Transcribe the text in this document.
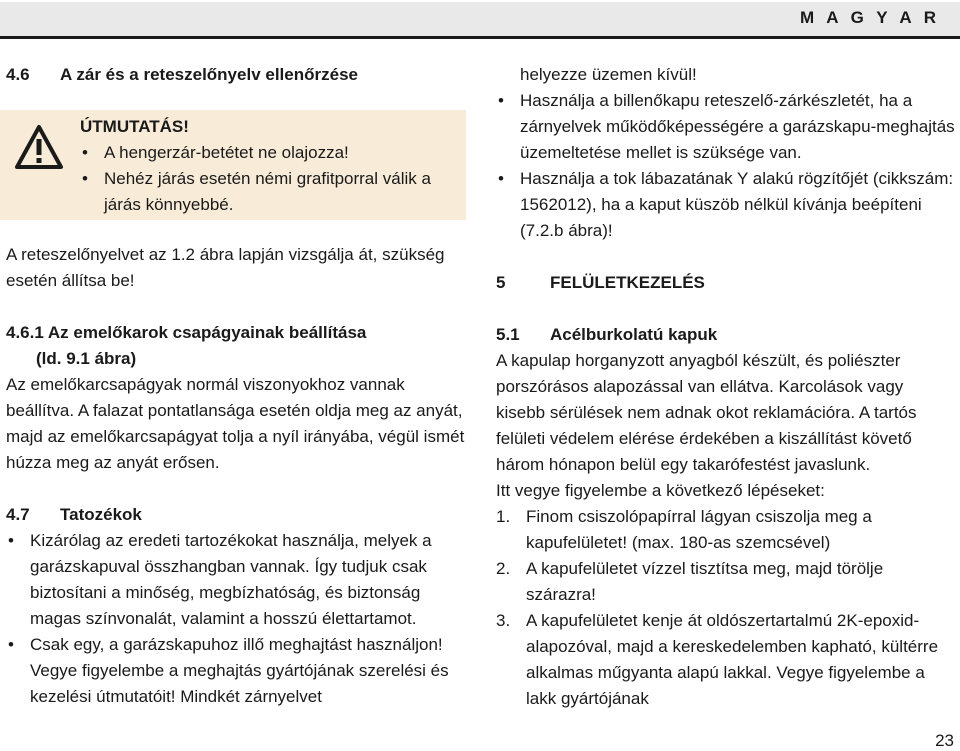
M A G Y A R

ÚTMUTATÁS!

• A hengerzár-betétet ne olajozza!

• Nehéz járás esetén némi grafitporral válik a járás könnyebbé.

4.6 A zár és a reteszelőnyelv ellenőrzése

A reteszelőnyelvet az 1.2 ábra lapján vizsgálja át, szükség esetén állítsa be!

4.6.1 Az emelőkarok csapágyainak beállítása

(ld. 9.1 ábra)

Az emelőkarcsapágyak normál viszonyokhoz vannak beállítva. A falazat pontatlansága esetén oldja meg az anyát, majd az emelőkarcsapágyat tolja a nyíl irányába, végül ismét húzza meg az anyát erősen.

4.7 Tatozékok

• Kizárólag az eredeti tartozékokat használja, melyek a garázskapuval összhangban vannak. Így tudjuk csak biztosítani a minőség, megbízhatóság, és biztonság magas színvonalát, valamint a hosszú élettartamot.

• Csak egy, a garázskapuhoz illő meghajtást használjon! Vegye figyelembe a meghajtás gyártójának szerelési és kezelési útmutatóit! Mindkét zárnyelvet

helyezze üzemen kívül!

• Használja a billenőkapu reteszelő-zárkészletét, ha a zárnyelvek működőképességére a garázskapu-meghajtás üzemeltetése mellet is szüksége van.

• Használja a tok lábazatának Y alakú rögzítőjét (cikkszám: 1562012), ha a kaput küszöb nélkül kívánja beépíteni (7.2.b ábra)!

5	FELÜLETKEZELÉS

5.1 Acélburkolatú kapuk

A kapulap horganyzott anyagból készült, és poliészter porszórásos alapozással van ellátva. Karcolások vagy kisebb sérülések nem adnak okot reklamációra. A tartós felületi védelem elérése érdekében a kiszállítást követő három hónapon belül egy takarófestést javaslunk.

Itt vegye figyelembe a következő lépéseket:

1. Finom csiszolópapírral lágyan csiszolja meg a kapufelületet! (max. 180-as szemcsével)

2. A kapufelületet vízzel tisztítsa meg, majd törölje szárazra!

3. A kapufelületet kenje át oldószertartalmú 2K-epoxid-alapozóval, majd a kereskedelemben kapható, kültérre alkalmas műgyanta alapú lakkal. Vegye figyelembe a lakk gyártójának

23
